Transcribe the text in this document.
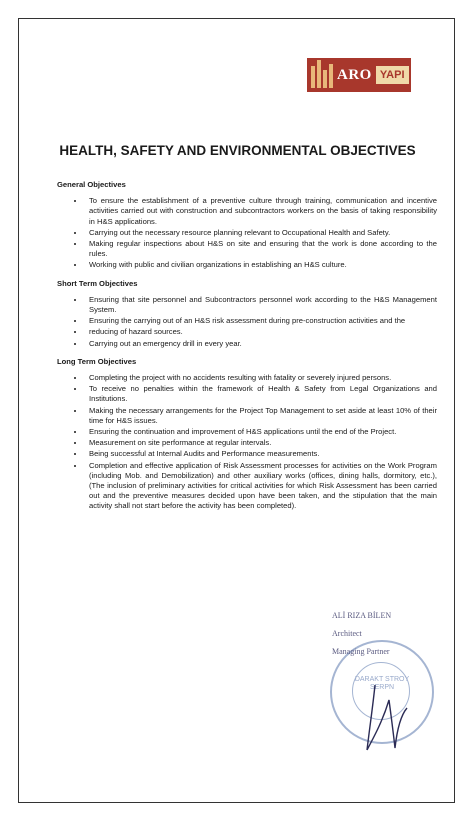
ARO YAPI
HEALTH, SAFETY AND ENVIRONMENTAL OBJECTIVES
General Objectives
• To ensure the establishment of a preventive culture through training, communication and incentive activities carried out with construction and subcontractors workers on the basis of taking responsibility in H&S applications.
• Carrying out the necessary resource planning relevant to Occupational Health and Safety.
• Making regular inspections about H&S on site and ensuring that the work is done according to the rules.
• Working with public and civilian organizations in establishing an H&S culture.
Short Term Objectives
• Ensuring that site personnel and Subcontractors personnel work according to the H&S Management System.
• Ensuring the carrying out of an H&S risk assessment during pre-construction activities and the
• reducing of hazard sources.
• Carrying out an emergency drill in every year.
Long Term Objectives
• Completing the project with no accidents resulting with fatality or severely injured persons.
• To receive no penalties within the framework of Health & Safety from Legal Organizations and Institutions.
• Making the necessary arrangements for the Project Top Management to set aside at least 10% of their time for H&S issues.
• Ensuring the continuation and improvement of H&S applications until the end of the Project.
• Measurement on site performance at regular intervals.
• Being successful at Internal Audits and Performance measurements.
• Completion and effective application of Risk Assessment processes for activities on the Work Program (including Mob. and Demobilization) and other auxiliary works (offices, dining halls, dormitory, etc.), (The inclusion of preliminary activities for critical activities for which Risk Assessment has been carried out and the preventive measures decided upon have been taken, and the stipulation that the main activity shall not start before the activity has been completed).
DARAKT STROY SERPN
ALİ RIZA BİLEN
Architect
Managing Partner
